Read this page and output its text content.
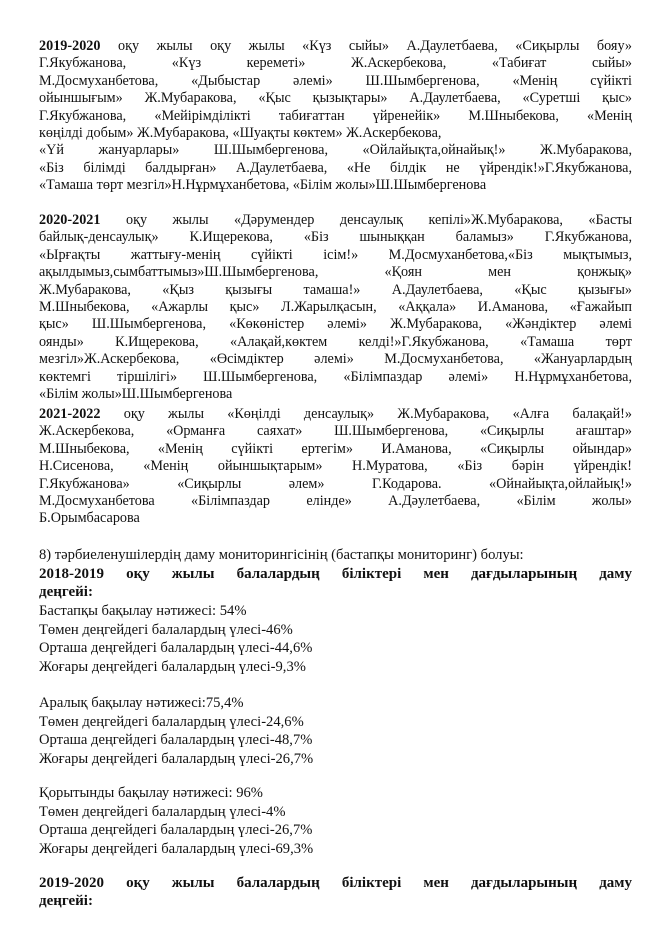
2019-2020 оқу жылы оқу жылы «Күз сыйы» А.Даулетбаева, «Сиқырлы бояу»

Г.Якубжанова, «Күз кереметі» Ж.Аскербекова, «Табиғат сыйы»

М.Досмуханбетова, «Дыбыстар әлемі» Ш.Шымбергенова, «Менің сүйікті

ойыншығым» Ж.Мубаракова, «Қыс қызықтары» А.Даулетбаева, «Суретші қыс»

Г.Якубжанова, «Мейірімділікті табиғаттан үйренейік» М.Шныбекова, «Менің

көңілді добым» Ж.Мубаракова, «Шуақты көктем» Ж.Аскербекова,

«Үй жануарлары» Ш.Шымбергенова, «Ойлайықта,ойнайық!» Ж.Мубаракова,

«Біз білімді балдырған» А.Даулетбаева, «Не білдік не үйрендік!»Г.Якубжанова,

«Тамаша төрт мезгіл»Н.Нұрмұханбетова, «Білім жолы»Ш.Шымбергенова

2020-2021 оқу жылы «Дәрумендер денсаулық кепілі»Ж.Мубаракова, «Басты

байлық-денсаулық» К.Ищерекова, «Біз шыныққан баламыз» Г.Якубжанова,

«Ырғақты жаттығу-менің сүйікті ісім!» М.Досмуханбетова,«Біз мықтымыз,

ақылдымыз,сымбаттымыз»Ш.Шымбергенова, «Қоян мен қонжық»

Ж.Мубаракова, «Қыз қызығы тамаша!» А.Даулетбаева, «Қыс қызығы»

М.Шныбекова, «Ажарлы қыс» Л.Жарылқасын, «Аққала» И.Аманова, «Ғажайып

қыс» Ш.Шымбергенова, «Көкөністер әлемі» Ж.Мубаракова, «Жәндіктер әлемі

оянды» К.Ищерекова, «Алақай,көктем келді!»Г.Якубжанова, «Тамаша төрт

мезгіл»Ж.Аскербекова, «Өсімдіктер әлемі» М.Досмуханбетова, «Жануарлардың

көктемгі тіршілігі» Ш.Шымбергенова, «Білімпаздар әлемі» Н.Нұрмұханбетова,

«Білім жолы»Ш.Шымбергенова

2021-2022 оқу жылы «Көңілді денсаулық» Ж.Мубаракова, «Алға балақай!»

Ж.Аскербекова, «Орманға саяхат» Ш.Шымбергенова, «Сиқырлы ағаштар»

М.Шныбекова, «Менің сүйікті ертегім» И.Аманова, «Сиқырлы ойындар»

Н.Сисенова, «Менің ойыншықтарым» Н.Муратова, «Біз бәрін үйрендік!

Г.Якубжанова» «Сиқырлы әлем» Г.Кодарова. «Ойнайықта,ойлайық!»

М.Досмуханбетова «Білімпаздар елінде» А.Дәулетбаева, «Білім жолы»

Б.Орымбасарова

8) тәрбиеленушілердің даму мониторингісінің (бастапқы мониторинг) болуы:

2018-2019 оқу жылы балалардың біліктері мен дағдыларының даму

деңгейі:

Бастапқы бақылау нәтижесі: 54%

Төмен деңгейдегі балалардың үлесі-46%

Орташа деңгейдегі балалардың үлесі-44,6%

Жоғары деңгейдегі балалардың үлесі-9,3%

Аралық бақылау нәтижесі:75,4%

Төмен деңгейдегі балалардың үлесі-24,6%

Орташа деңгейдегі балалардың үлесі-48,7%

Жоғары деңгейдегі балалардың үлесі-26,7%

Қорытынды бақылау нәтижесі: 96%

Төмен деңгейдегі балалардың үлесі-4%

Орташа деңгейдегі балалардың үлесі-26,7%

Жоғары деңгейдегі балалардың үлесі-69,3%

2019-2020 оқу жылы балалардың біліктері мен дағдыларының даму

деңгейі:
